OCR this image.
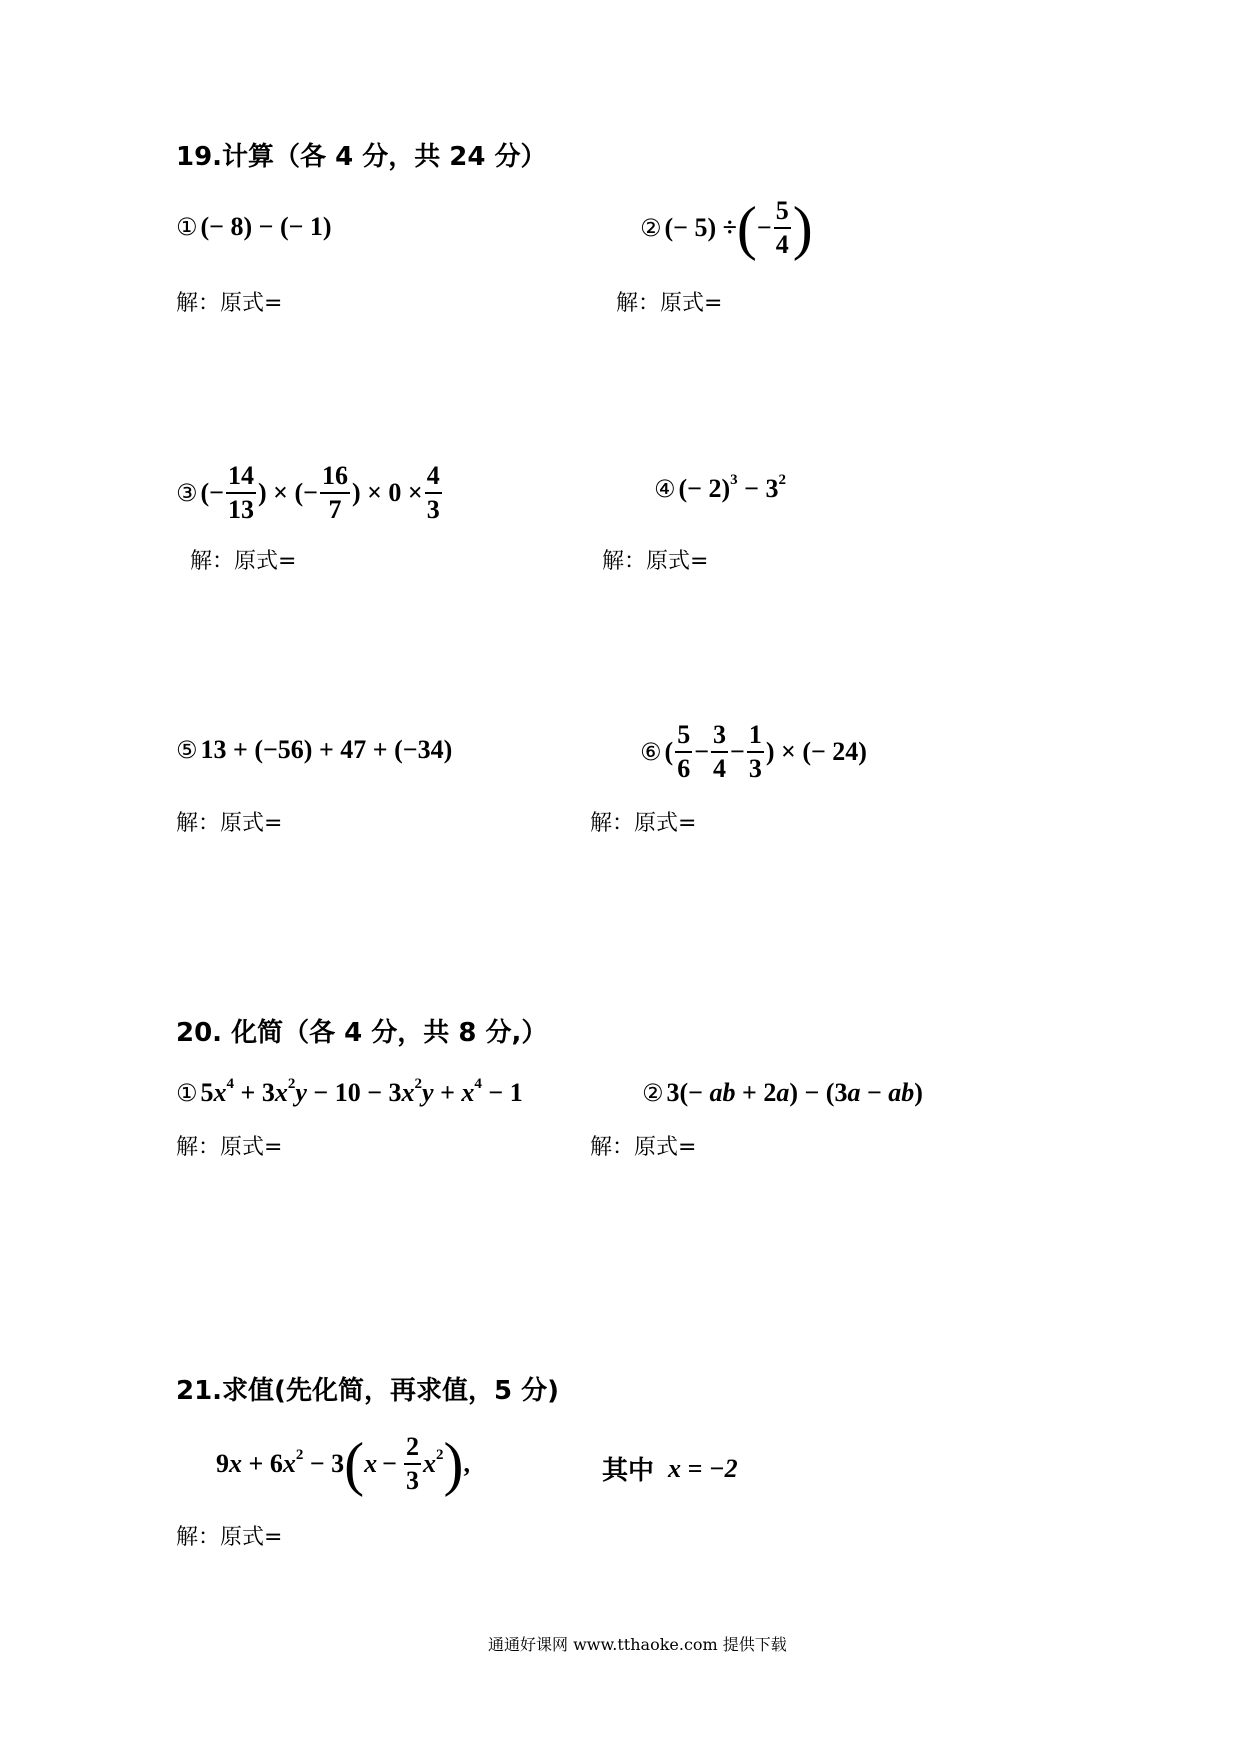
19.计算（各 4 分，共 24 分）
① (− 8) − (− 1)
解：原式=
② (− 5) ÷ ( − $\frac{5}{4}$ )
解：原式=
③ (− $\frac{14}{13}$ ) × (− $\frac{16}{7}$ ) × $0 \times \frac{4}{3}$
解：原式=
④ (− $2)^3 - 3^2$
解：原式=
⑤ 13 + (−56) + 47 + (−34)
解：原式=
⑥ ( $\frac{5}{6} - \frac{3}{4} - \frac{1}{3}$ ) × (− 24)
解：原式=
20. 化简（各 4 分，共 8 分,）
① $5x^4 + 3x^2y - 10 - 3x^2y + x^4 - 1$
解：原式=
② 3(− ab + 2a) − (3a − ab)
解：原式=
21.求值(先化简，再求值，5 分)
$9x + 6x^2 - 3$ ( $x - \frac{2}{3} x^2$ ) ,	其中 x = −2
解：原式=
通通好课网 www.tthaoke.com 提供下载
